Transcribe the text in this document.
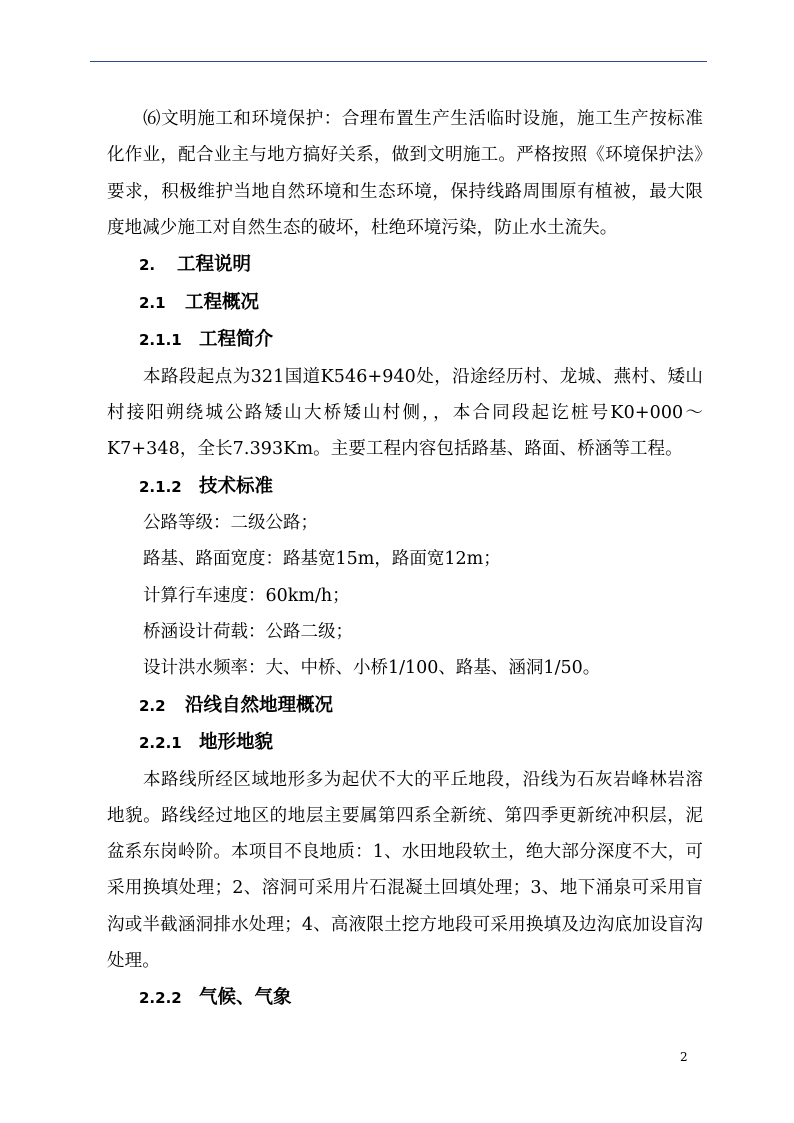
⑹文明施工和环境保护：合理布置生产生活临时设施，施工生产按标准化作业，配合业主与地方搞好关系，做到文明施工。严格按照《环境保护法》要求，积极维护当地自然环境和生态环境，保持线路周围原有植被，最大限度地减少施工对自然生态的破坏，杜绝环境污染，防止水土流失。

2. 工程说明
2.1 工程概况
2.1.1 工程简介

本路段起点为321国道K546+940处，沿途经历村、龙城、燕村、矮山村接阳朔绕城公路矮山大桥矮山村侧，，本合同段起讫桩号K0+000～K7+348，全长7.393Km。主要工程内容包括路基、路面、桥涵等工程。

2.1.2 技术标准
公路等级：二级公路；
路基、路面宽度：路基宽15m，路面宽12m；
计算行车速度：60km/h；
桥涵设计荷载：公路二级；
设计洪水频率：大、中桥、小桥1/100、路基、涵洞1/50。
2.2 沿线自然地理概况
2.2.1 地形地貌

本路线所经区域地形多为起伏不大的平丘地段，沿线为石灰岩峰林岩溶地貌。路线经过地区的地层主要属第四系全新统、第四季更新统冲积层，泥盆系东岗岭阶。本项目不良地质：1、水田地段软土，绝大部分深度不大，可采用换填处理；2、溶洞可采用片石混凝土回填处理；3、地下涌泉可采用盲沟或半截涵洞排水处理；4、高液限土挖方地段可采用换填及边沟底加设盲沟处理。

2.2.2 气候、气象
2
